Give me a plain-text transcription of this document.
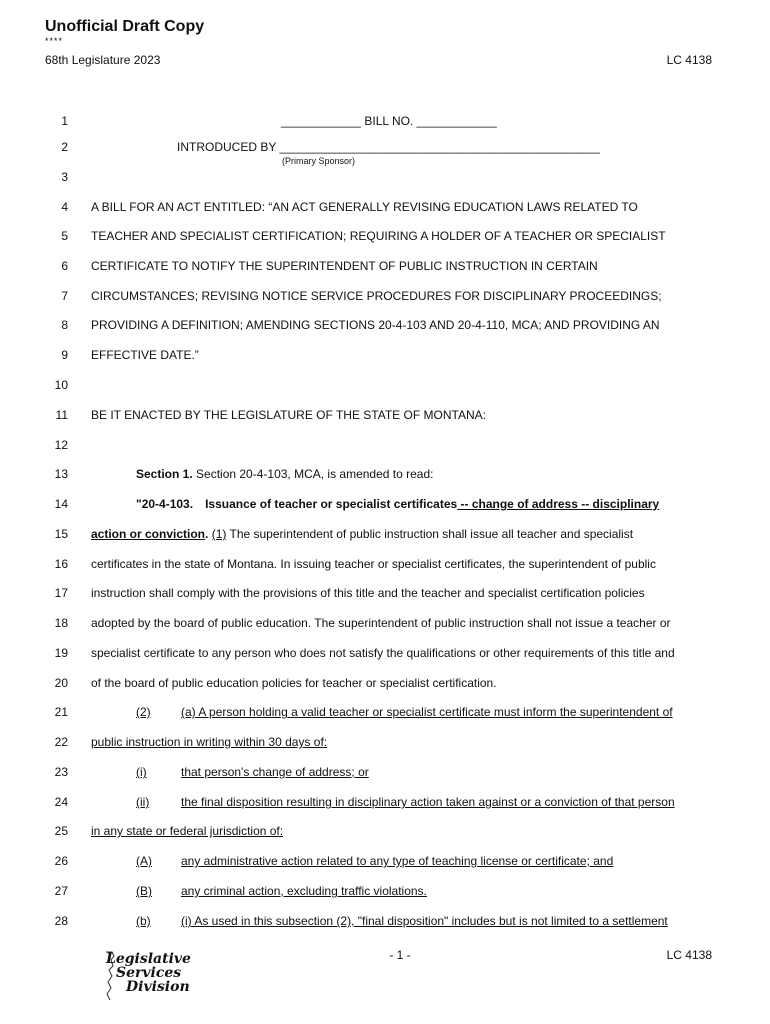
Unofficial Draft Copy
****
68th Legislature 2023	LC 4138
1	____________ BILL NO. ____________
2	INTRODUCED BY ________________________________________________
(Primary Sponsor)
3
4 A BILL FOR AN ACT ENTITLED: “AN ACT GENERALLY REVISING EDUCATION LAWS RELATED TO
5 TEACHER AND SPECIALIST CERTIFICATION; REQUIRING A HOLDER OF A TEACHER OR SPECIALIST
6 CERTIFICATE TO NOTIFY THE SUPERINTENDENT OF PUBLIC INSTRUCTION IN CERTAIN
7 CIRCUMSTANCES; REVISING NOTICE SERVICE PROCEDURES FOR DISCIPLINARY PROCEEDINGS;
8 PROVIDING A DEFINITION; AMENDING SECTIONS 20-4-103 AND 20-4-110, MCA; AND PROVIDING AN
9 EFFECTIVE DATE.”
10
11 BE IT ENACTED BY THE LEGISLATURE OF THE STATE OF MONTANA:
12
13	Section 1. Section 20-4-103, MCA, is amended to read:
14	"20-4-103. Issuance of teacher or specialist certificates -- change of address -- disciplinary
15 action or conviction. (1) The superintendent of public instruction shall issue all teacher and specialist
16 certificates in the state of Montana. In issuing teacher or specialist certificates, the superintendent of public
17 instruction shall comply with the provisions of this title and the teacher and specialist certification policies
18 adopted by the board of public education. The superintendent of public instruction shall not issue a teacher or
19 specialist certificate to any person who does not satisfy the qualifications or other requirements of this title and
20 of the board of public education policies for teacher or specialist certification.
21	(2)	(a) A person holding a valid teacher or specialist certificate must inform the superintendent of
22 public instruction in writing within 30 days of:
23	(i)	that person's change of address; or
24	(ii)	the final disposition resulting in disciplinary action taken against or a conviction of that person
25 in any state or federal jurisdiction of:
26	(A)	any administrative action related to any type of teaching license or certificate; and
27	(B)	any criminal action, excluding traffic violations.
28	(b)	(i) As used in this subsection (2), "final disposition" includes but is not limited to a settlement
Legislative
Services
Division
- 1 -	LC 4138
